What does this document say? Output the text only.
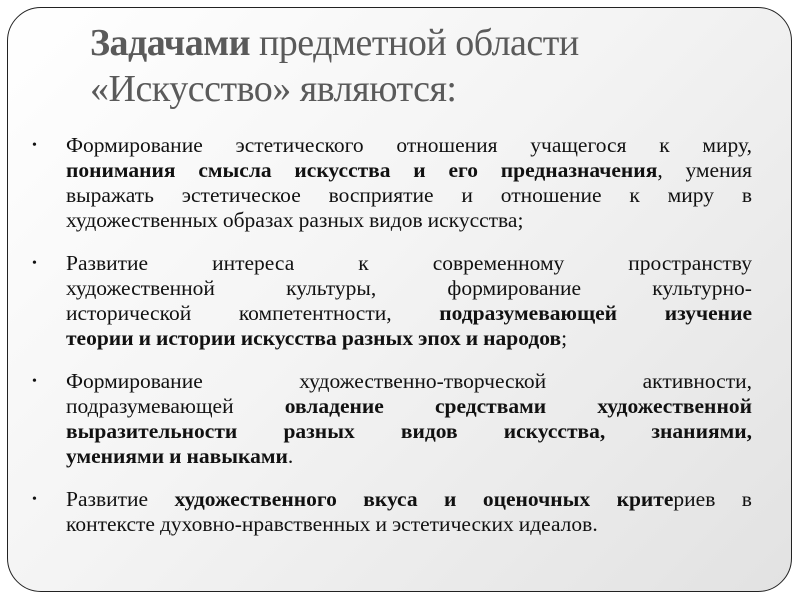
Задачами предметной области
«Искусство» являются:
• Формирование эстетического отношения учащегося к миру,
понимания смысла искусства и его предназначения, умения
выражать эстетическое восприятие и отношение к миру в
художественных образах разных видов искусства;
• Развитие	интереса	к	современному	пространству
художественной	культуры,	формирование	культурно-
исторической компетентности, подразумевающей изучение
теории и истории искусства разных эпох и народов;
• Формирование	художественно-творческой	активности,
подразумевающей овладение средствами художественной
выразительности разных видов искусства, знаниями,
умениями и навыками.
• Развитие художественного вкуса и оценочных критериев в
контексте духовно-нравственных и эстетических идеалов.
